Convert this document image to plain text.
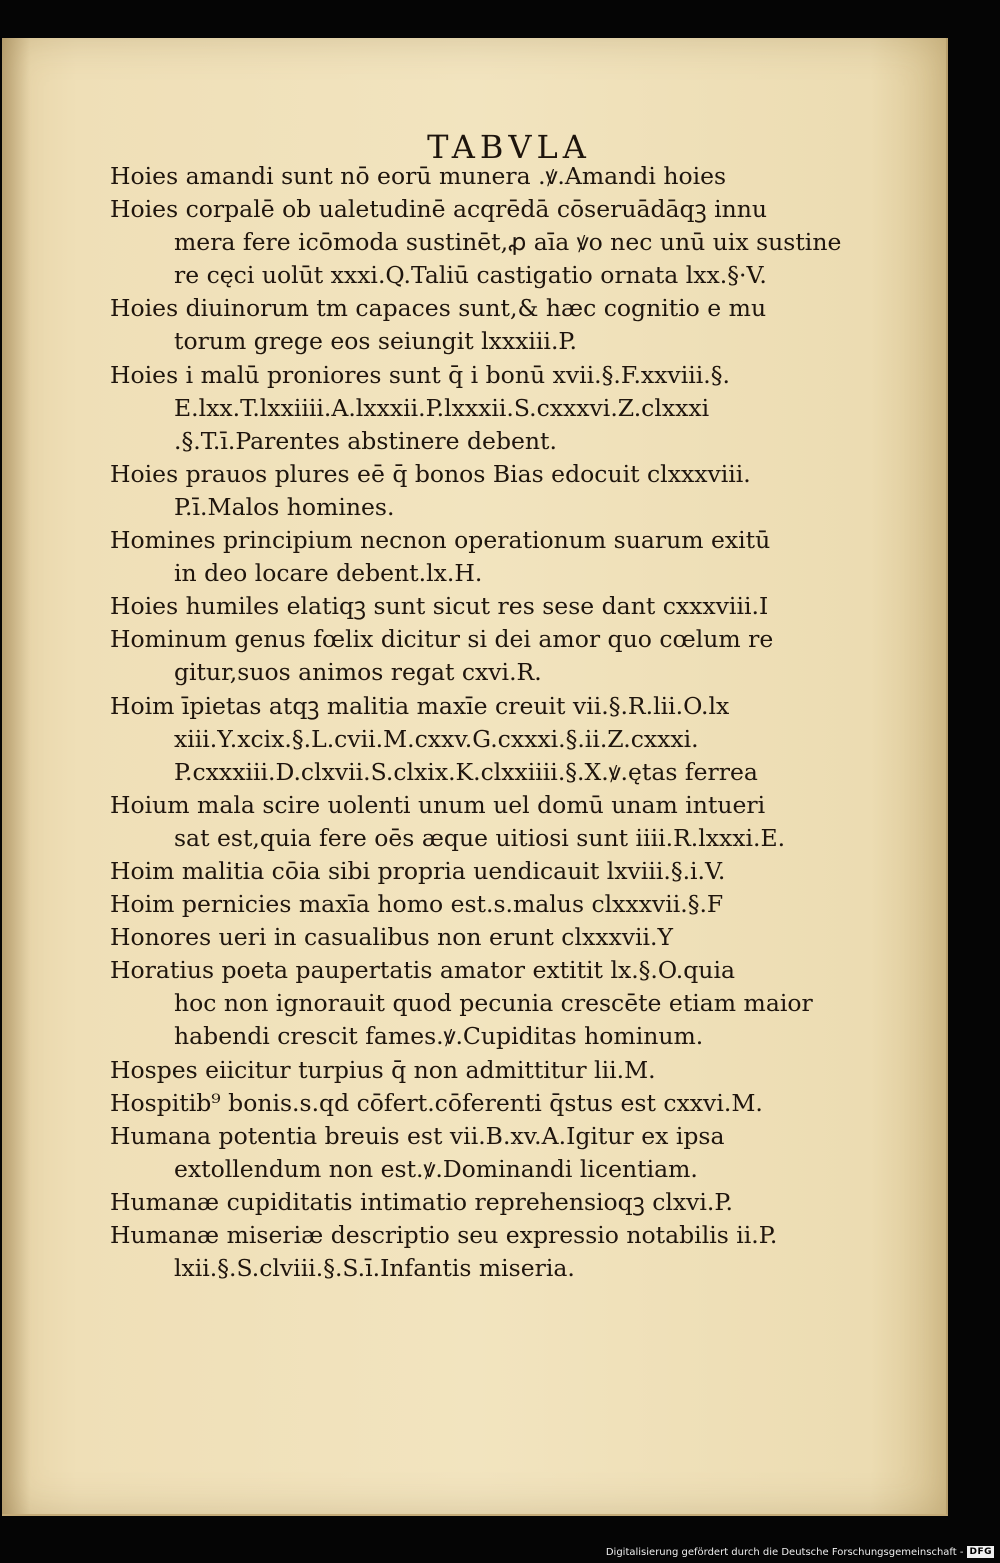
TABVLA
Hoies amandi sunt nō eorū munera .ꝟ.Amandi hoies
Hoies corpalē ob ualetudinē acqrēdā cōseruādāqꝫ innu
mera fere icōmoda sustinēt,ꝓ aīa ꝟo nec unū uix sustine
re cęci uolūt xxxi.Q.Taliū castigatio ornata lxx.§·V.
Hoies diuinorum tm capaces sunt,& hæc cognitio e mu
torum grege eos seiungit lxxxiii.P.
Hoies i malū proniores sunt q̄ i bonū xvii.§.F.xxviii.§.
E.lxx.T.lxxiiii.A.lxxxii.P.lxxxii.S.cxxxvi.Z.clxxxi
.§.T.ī.Parentes abstinere debent.
Hoies prauos plures eē q̄ bonos Bias edocuit clxxxviii.
P.ī.Malos homines.
Homines principium necnon operationum suarum exitū
in deo locare debent.lx.H.
Hoies humiles elatiqꝫ sunt sicut res sese dant cxxxviii.I
Hominum genus fœlix dicitur si dei amor quo cœlum re
gitur,suos animos regat cxvi.R.
Hoim īpietas atqꝫ malitia maxīe creuit vii.§.R.lii.O.lx
xiii.Y.xcix.§.L.cvii.M.cxxv.G.cxxxi.§.ii.Z.cxxxi.
P.cxxxiii.D.clxvii.S.clxix.K.clxxiiii.§.X.ꝟ.ętas ferrea
Hoium mala scire uolenti unum uel domū unam intueri
sat est,quia fere oēs æque uitiosi sunt iiii.R.lxxxi.E.
Hoim malitia cōia sibi propria uendicauit lxviii.§.i.V.
Hoim pernicies maxīa homo est.s.malus clxxxvii.§.F
Honores ueri in casualibus non erunt clxxxvii.Y
Horatius poeta paupertatis amator extitit lx.§.O.quia
hoc non ignorauit quod pecunia crescēte etiam maior
habendi crescit fames.ꝟ.Cupiditas hominum.
Hospes eiicitur turpius q̄ non admittitur lii.M.
Hospitib⁹ bonis.s.qd cōfert.cōferenti q̄stus est cxxvi.M.
Humana potentia breuis est vii.B.xv.A.Igitur ex ipsa
extollendum non est.ꝟ.Dominandi licentiam.
Humanæ cupiditatis intimatio reprehensioqꝫ clxvi.P.
Humanæ miseriæ descriptio seu expressio notabilis ii.P.
lxii.§.S.clviii.§.S.ī.Infantis miseria.
Digitalisierung gefördert durch die Deutsche Forschungsgemeinschaft - DFG
